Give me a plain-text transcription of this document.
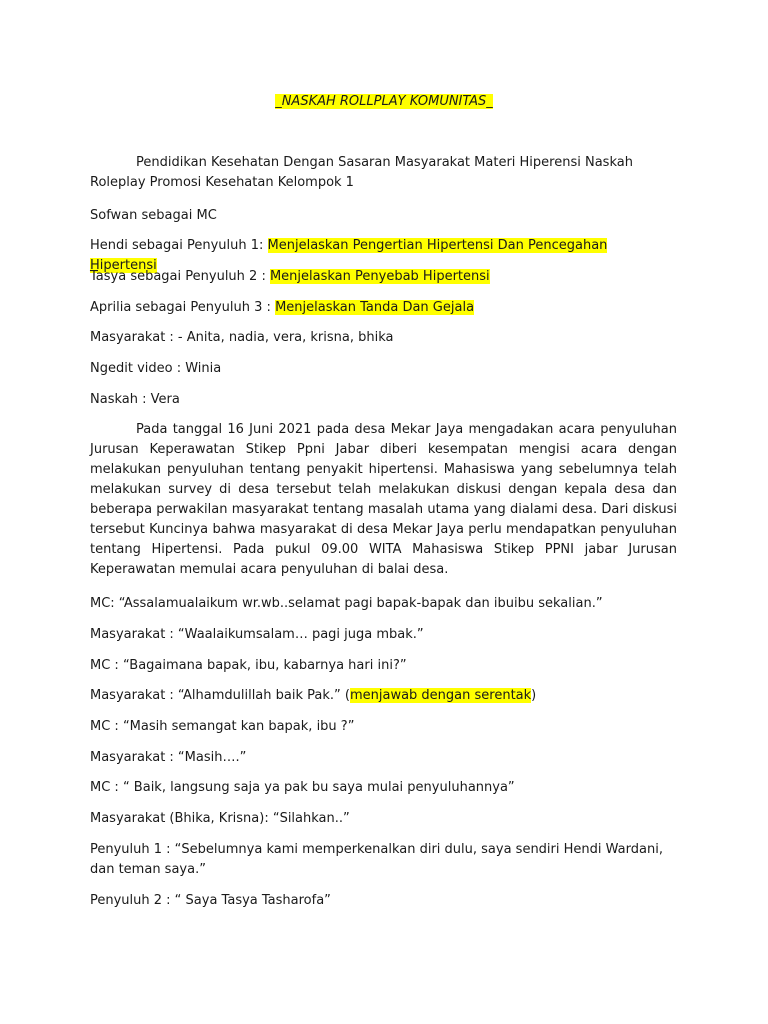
_NASKAH ROLLPLAY KOMUNITAS_

Pendidikan Kesehatan Dengan Sasaran Masyarakat Materi Hiperensi Naskah Roleplay Promosi Kesehatan Kelompok 1

Sofwan sebagai MC

Hendi sebagai Penyuluh 1: Menjelaskan Pengertian Hipertensi Dan Pencegahan Hipertensi

Tasya sebagai Penyuluh 2 : Menjelaskan Penyebab Hipertensi

Aprilia sebagai Penyuluh 3 : Menjelaskan Tanda Dan Gejala

Masyarakat : - Anita, nadia, vera, krisna, bhika

Ngedit video : Winia

Naskah : Vera

Pada tanggal 16 Juni 2021 pada desa Mekar Jaya mengadakan acara penyuluhan Jurusan Keperawatan Stikep Ppni Jabar diberi kesempatan mengisi acara dengan melakukan penyuluhan tentang penyakit hipertensi. Mahasiswa yang sebelumnya telah melakukan survey di desa tersebut telah melakukan diskusi dengan kepala desa dan beberapa perwakilan masyarakat tentang masalah utama yang dialami desa. Dari diskusi tersebut Kuncinya bahwa masyarakat di desa Mekar Jaya perlu mendapatkan penyuluhan tentang Hipertensi. Pada pukul 09.00 WITA Mahasiswa Stikep PPNI jabar Jurusan Keperawatan memulai acara penyuluhan di balai desa.

MC: “Assalamualaikum wr.wb..selamat pagi bapak-bapak dan ibuibu sekalian.”

Masyarakat : “Waalaikumsalam… pagi juga mbak.”

MC : “Bagaimana bapak, ibu, kabarnya hari ini?”

Masyarakat : “Alhamdulillah baik Pak.” (menjawab dengan serentak)

MC : “Masih semangat kan bapak, ibu ?”

Masyarakat : “Masih….”

MC : “ Baik, langsung saja ya pak bu saya mulai penyuluhannya”

Masyarakat (Bhika, Krisna): “Silahkan..”

Penyuluh 1 : “Sebelumnya kami memperkenalkan diri dulu, saya sendiri Hendi Wardani, dan teman saya.”

Penyuluh 2 : “ Saya Tasya Tasharofa”
